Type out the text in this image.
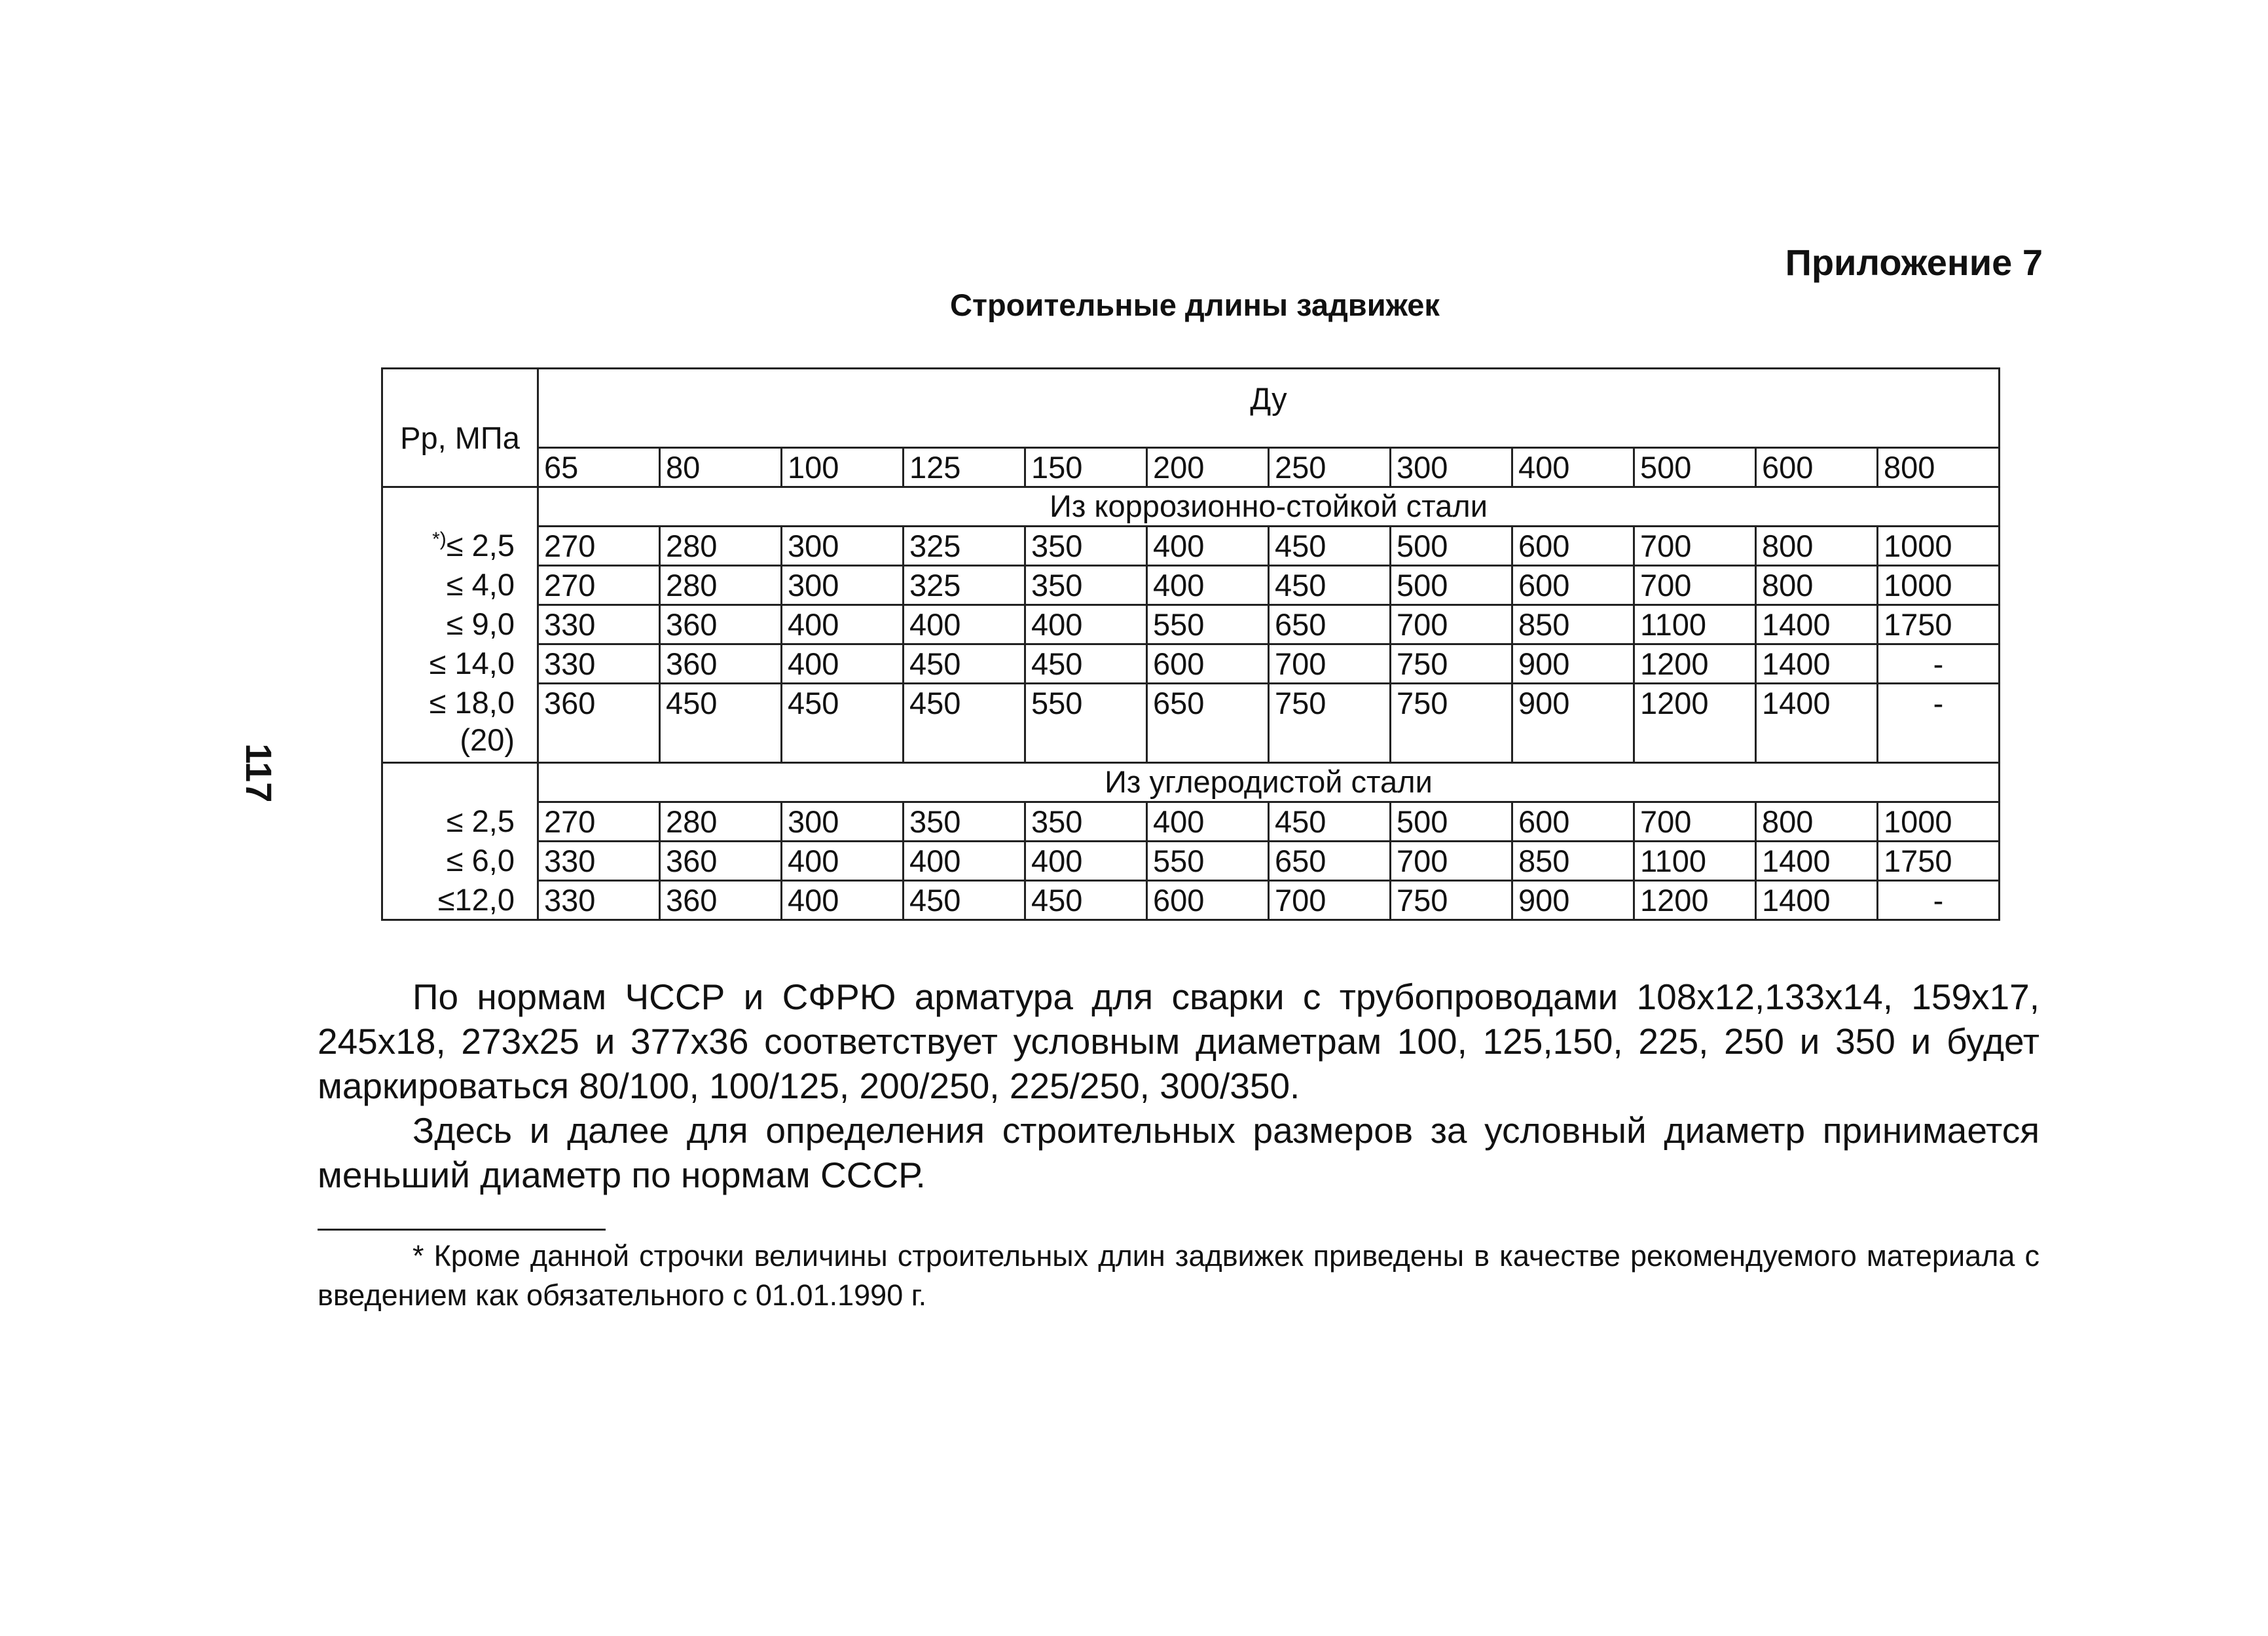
Приложение 7
Строительные длины задвижек
117
Рр, МПа	Ду											
	65	80	100	125	150	200	250	300	400	500	600	800
	Из коррозионно-стойкой стали											
*)≤ 2,5	270	280	300	325	350	400	450	500	600	700	800	1000
≤ 4,0	270	280	300	325	350	400	450	500	600	700	800	1000
≤ 9,0	330	360	400	400	400	550	650	700	850	1100	1400	1750
≤ 14,0	330	360	400	450	450	600	700	750	900	1200	1400	-
≤ 18,0
(20)	360	450	450	450	550	650	750	750	900	1200	1400	-
	Из углеродистой стали											
≤ 2,5	270	280	300	350	350	400	450	500	600	700	800	1000
≤ 6,0	330	360	400	400	400	550	650	700	850	1100	1400	1750
≤12,0	330	360	400	450	450	600	700	750	900	1200	1400	-
По нормам ЧССР и СФРЮ арматура для сварки с трубопроводами 108х12,133х14, 159х17, 245х18, 273х25 и 377х36 соответствует условным диаметрам 100, 125,150, 225, 250 и 350 и будет маркироваться 80/100, 100/125, 200/250, 225/250, 300/350.
Здесь и далее для определения строительных размеров за условный диаметр принимается меньший диаметр по нормам СССР.
* Кроме данной строчки величины строительных длин задвижек приведены в качестве рекомендуемого материала с введением как обязательного с 01.01.1990 г.
